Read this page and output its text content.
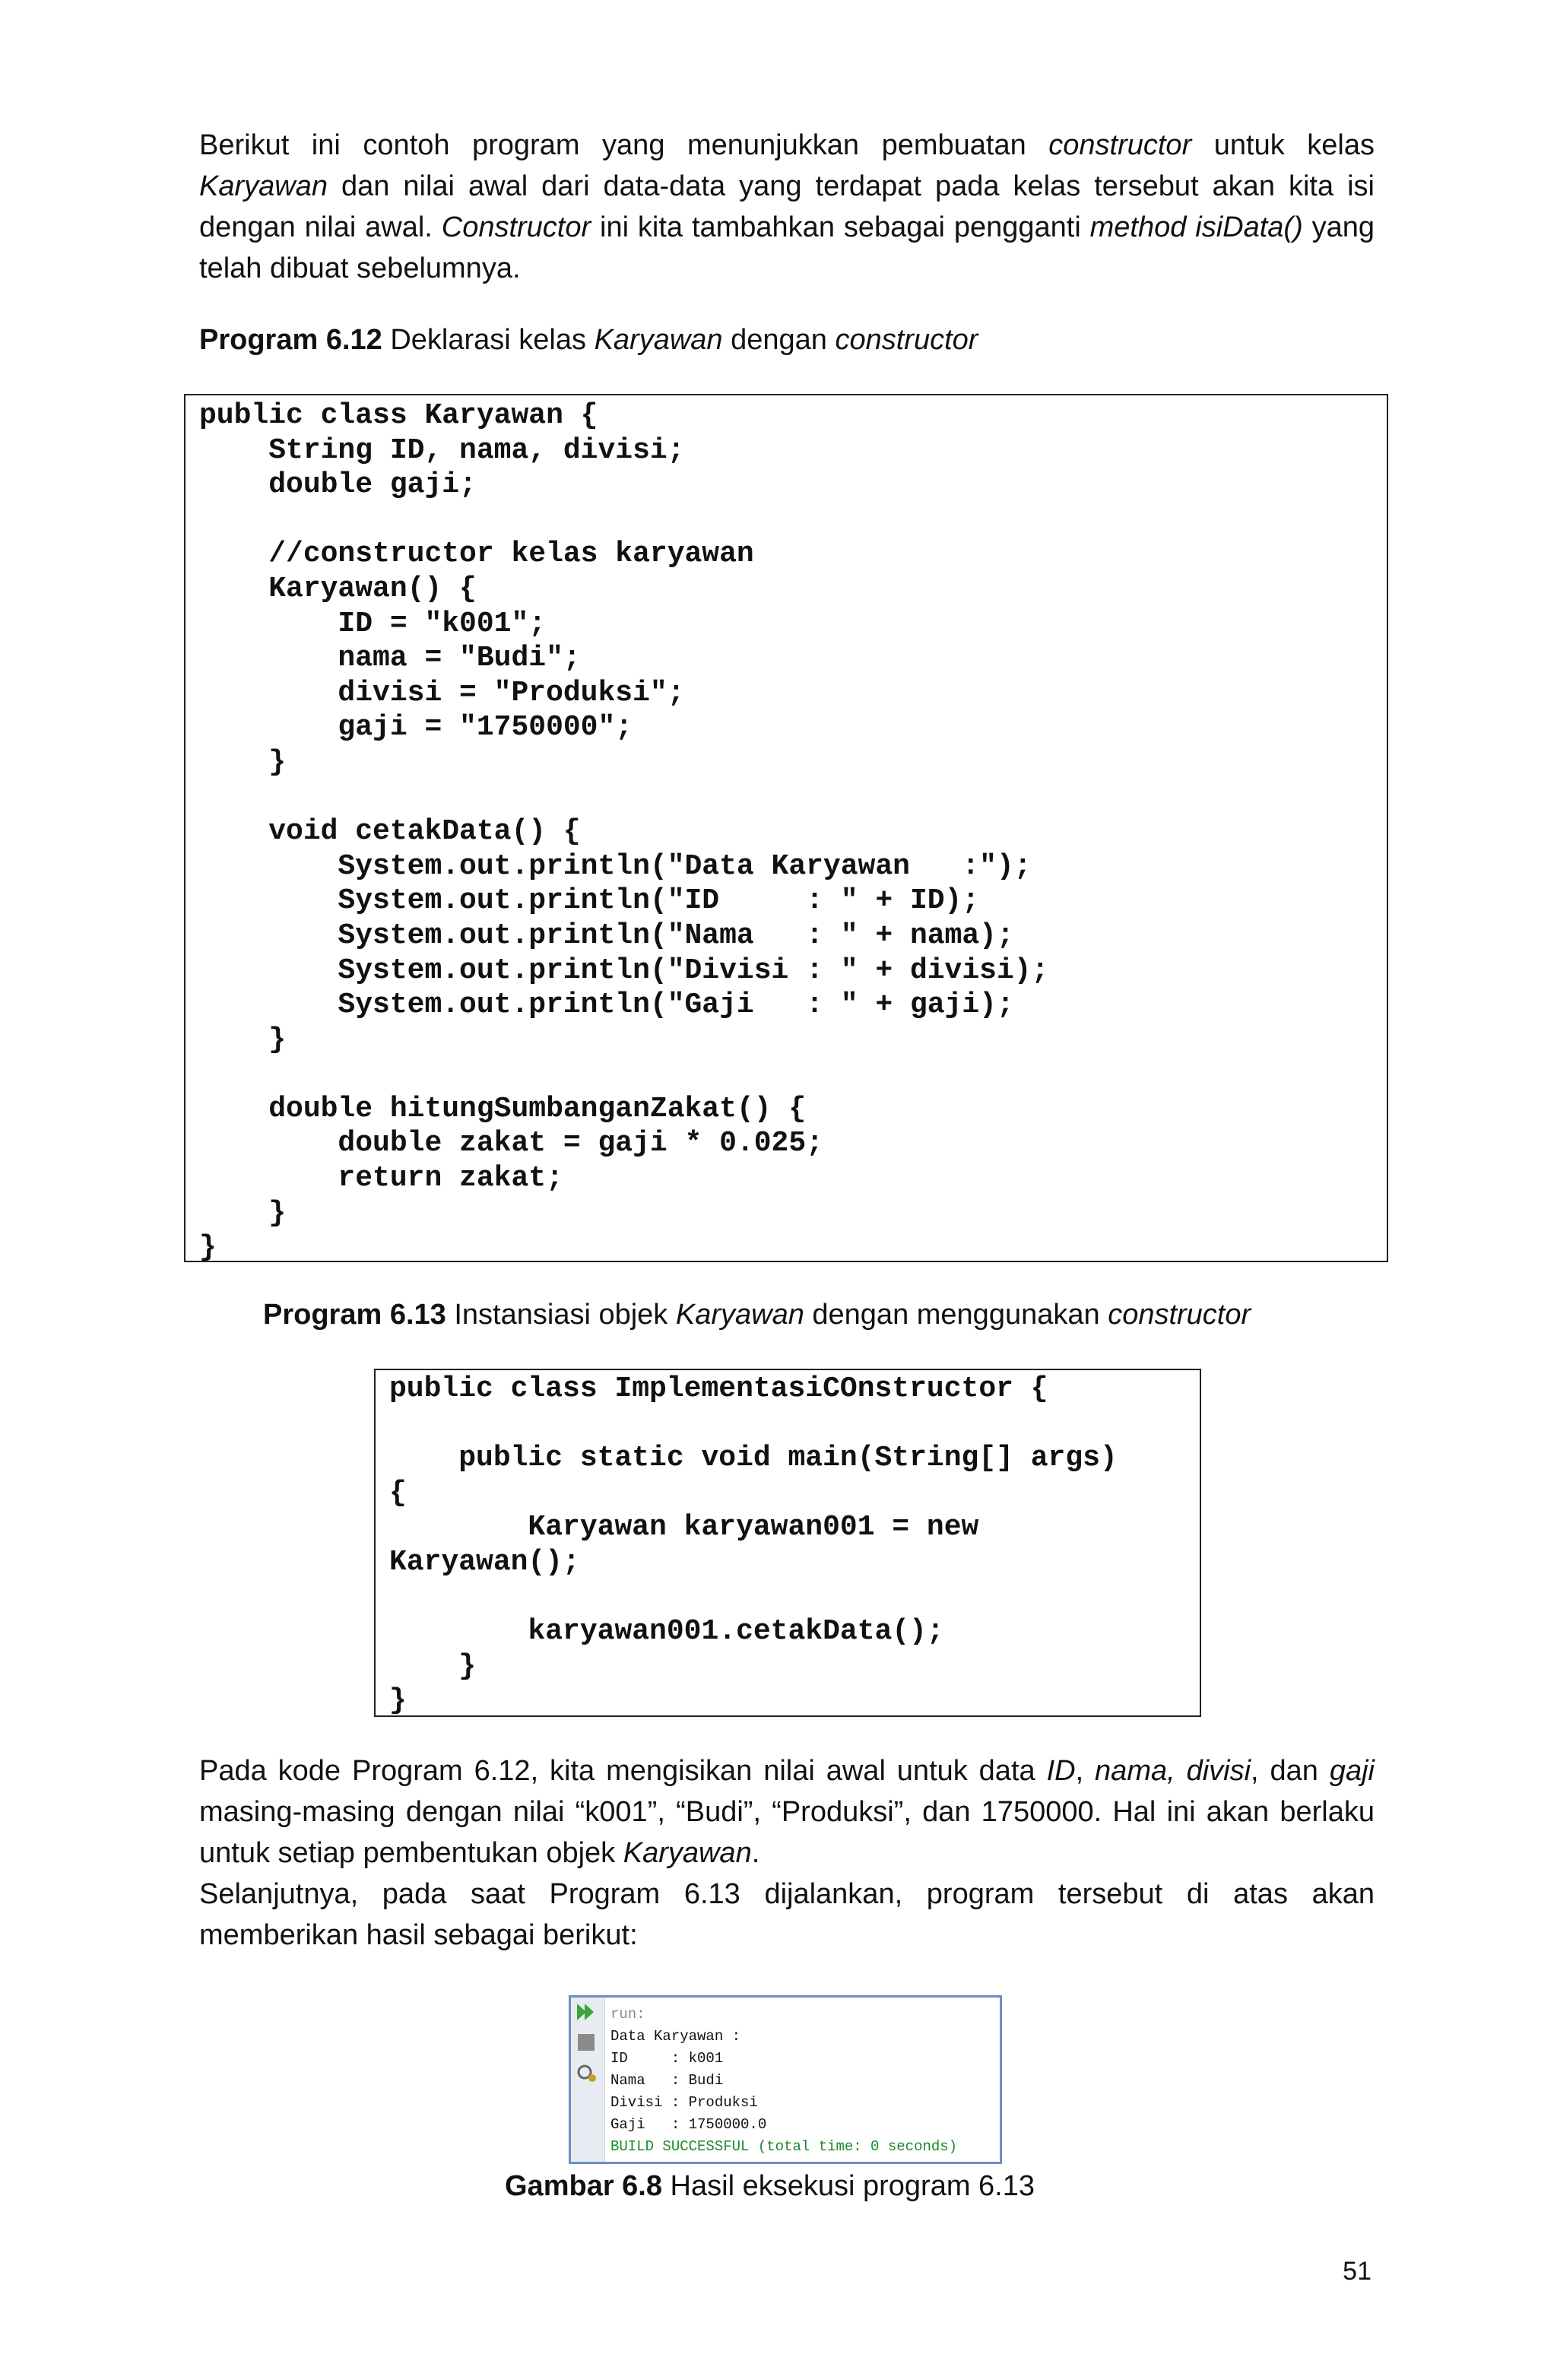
Berikut ini contoh program yang menunjukkan pembuatan constructor untuk kelas Karyawan dan nilai awal dari data-data yang terdapat pada kelas tersebut akan kita isi dengan nilai awal. Constructor ini kita tambahkan sebagai pengganti method isiData() yang telah dibuat sebelumnya.

Program 6.12 Deklarasi kelas Karyawan dengan constructor
public class Karyawan {
String ID, nama, divisi;
double gaji;

//constructor kelas karyawan
Karyawan() {
ID = "k001";
nama = "Budi";
divisi = "Produksi";
gaji = "1750000";
}

void cetakData() {
System.out.println("Data Karyawan   :");
System.out.println("ID     : " + ID);
System.out.println("Nama   : " + nama);
System.out.println("Divisi : " + divisi);
System.out.println("Gaji   : " + gaji);
}

double hitungSumbanganZakat() {
double zakat = gaji * 0.025;
return zakat;
}
}
Program 6.13 Instansiasi objek Karyawan dengan menggunakan constructor
public class ImplementasiCOnstructor {

public static void main(String[] args)
{
Karyawan karyawan001 = new
Karyawan();

karyawan001.cetakData();
}
}

Pada kode Program 6.12, kita mengisikan nilai awal untuk data ID, nama, divisi, dan gaji masing-masing dengan nilai “k001”, “Budi”, “Produksi”, dan 1750000. Hal ini akan berlaku untuk setiap pembentukan objek Karyawan.

Selanjutnya, pada saat Program 6.13 dijalankan, program tersebut di atas akan memberikan hasil sebagai berikut:

run:
Data Karyawan :
ID     : k001
Nama   : Budi
Divisi : Produksi
Gaji   : 1750000.0
BUILD SUCCESSFUL (total time: 0 seconds)
Gambar 6.8 Hasil eksekusi program 6.13
51
